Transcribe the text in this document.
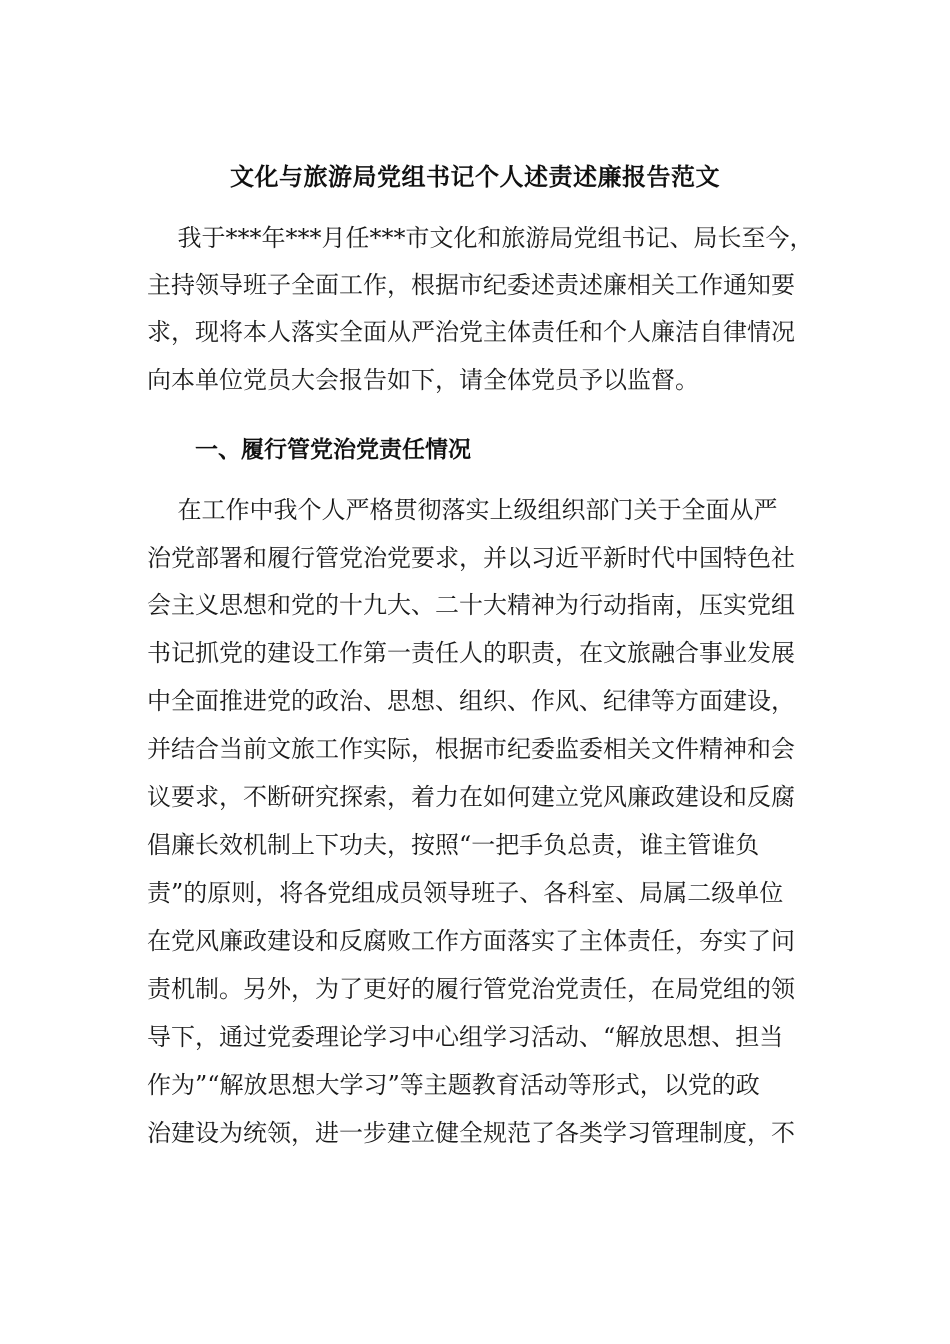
文化与旅游局党组书记个人述责述廉报告范文
我于***年***月任***市文化和旅游局党组书记、局长至今，
主持领导班子全面工作，根据市纪委述责述廉相关工作通知要
求，现将本人落实全面从严治党主体责任和个人廉洁自律情况
向本单位党员大会报告如下，请全体党员予以监督。
一、履行管党治党责任情况
在工作中我个人严格贯彻落实上级组织部门关于全面从严
治党部署和履行管党治党要求，并以习近平新时代中国特色社
会主义思想和党的十九大、二十大精神为行动指南，压实党组
书记抓党的建设工作第一责任人的职责，在文旅融合事业发展
中全面推进党的政治、思想、组织、作风、纪律等方面建设，
并结合当前文旅工作实际，根据市纪委监委相关文件精神和会
议要求，不断研究探索，着力在如何建立党风廉政建设和反腐
倡廉长效机制上下功夫，按照“一把手负总责，谁主管谁负
责”的原则，将各党组成员领导班子、各科室、局属二级单位
在党风廉政建设和反腐败工作方面落实了主体责任，夯实了问
责机制。另外，为了更好的履行管党治党责任，在局党组的领
导下，通过党委理论学习中心组学习活动、“解放思想、担当
作为”“解放思想大学习”等主题教育活动等形式，以党的政
治建设为统领，进一步建立健全规范了各类学习管理制度，不
